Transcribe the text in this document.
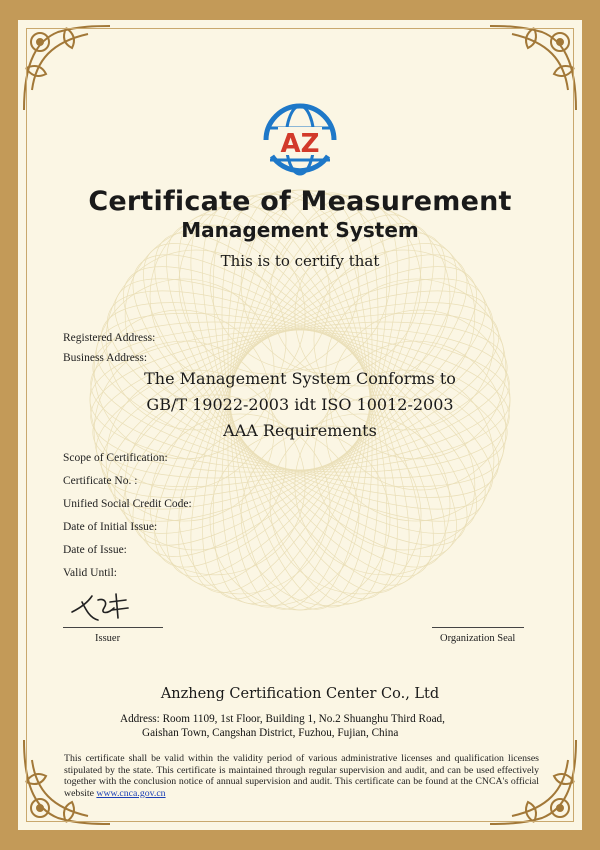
AZ
Certificate of Measurement
Management System
This is to certify that
Registered Address:
Business Address:
The Management System Conforms to
GB/T 19022-2003 idt ISO 10012-2003
AAA Requirements
Scope of Certification:
Certificate No. :
Unified Social Credit Code:
Date of Initial Issue:
Date of Issue:
Valid Until:
Issuer	Organization Seal
Anzheng Certification Center Co., Ltd
Address: Room 1109, 1st Floor, Building 1, No.2 Shuanghu Third Road,
Gaishan Town, Cangshan District, Fuzhou, Fujian, China
This certificate shall be valid within the validity period of various administrative licenses and qualification licenses stipulated by the state. This certificate is maintained through regular supervision and audit, and can be used effectively together with the conclusion notice of annual supervision and audit. This certificate can be found at the CNCA's official website www.cnca.gov.cn
